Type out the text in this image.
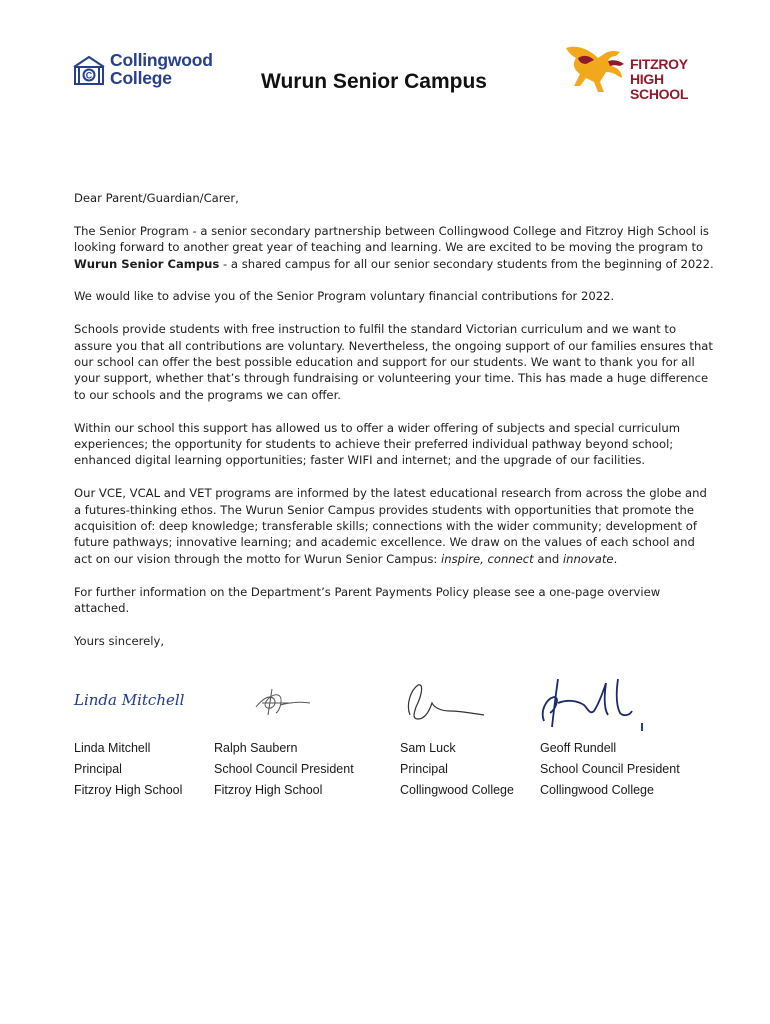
C
Collingwood
College	Wurun Senior Campus
FITZROY
HIGH SCHOOL

Dear Parent/Guardian/Carer,

The Senior Program - a senior secondary partnership between Collingwood College and Fitzroy High School is looking forward to another great year of teaching and learning. We are excited to be moving the program to Wurun Senior Campus - a shared campus for all our senior secondary students from the beginning of 2022.

We would like to advise you of the Senior Program voluntary financial contributions for 2022.

Schools provide students with free instruction to fulfil the standard Victorian curriculum and we want to assure you that all contributions are voluntary. Nevertheless, the ongoing support of our families ensures that our school can offer the best possible education and support for our students. We want to thank you for all your support, whether that’s through fundraising or volunteering your time. This has made a huge difference to our schools and the programs we can offer.

Within our school this support has allowed us to offer a wider offering of subjects and special curriculum experiences; the opportunity for students to achieve their preferred individual pathway beyond school; enhanced digital learning opportunities; faster WIFI and internet; and the upgrade of our facilities.

Our VCE, VCAL and VET programs are informed by the latest educational research from across the globe and a futures-thinking ethos. The Wurun Senior Campus provides students with opportunities that promote the acquisition of: deep knowledge; transferable skills; connections with the wider community; development of future pathways; innovative learning; and academic excellence. We draw on the values of each school and act on our vision through the motto for Wurun Senior Campus: inspire, connect and innovate.

For further information on the Department’s Parent Payments Policy please see a one-page overview attached.

Yours sincerely,

Linda Mitchell
Linda Mitchell
Principal
Fitzroy High School
Ralph Saubern
School Council President
Fitzroy High School
Sam Luck
Principal
Collingwood College
Geoff Rundell
School Council President
Collingwood College
